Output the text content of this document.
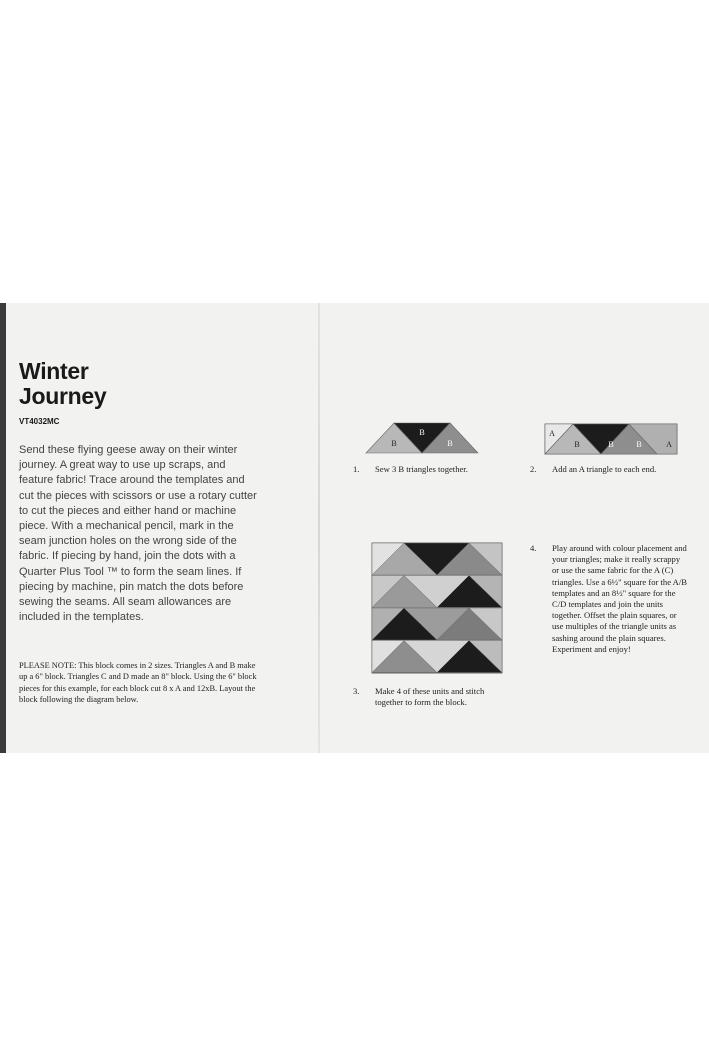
Winter
Journey
VT4032MC
Send these flying geese away on their winter journey. A great way to use up scraps, and feature fabric! Trace around the templates and cut the pieces with scissors or use a rotary cutter to cut the pieces and either hand or machine piece. With a mechanical pencil, mark in the seam junction holes on the wrong side of the fabric. If piecing by hand, join the dots with a Quarter Plus Tool ™ to form the seam lines. If piecing by machine, pin match the dots before sewing the seams. All seam allowances are included in the templates.
PLEASE NOTE: This block comes in 2 sizes. Triangles A and B make up a 6" block. Triangles C and D made an 8" block. Using the 6" block pieces for this example, for each block cut 8 x A and 12xB. Layout the block following the diagram below.
B
B
B
1. Sew 3 B triangles together.
A
B	B	B	A
2. Add an A triangle to each end.
3. Make 4 of these units and stitch together to form the block.
4. Play around with colour placement and your triangles; make it really scrappy or use the same fabric for the A (C) triangles. Use a 6½" square for the A/B templates and an 8½" square for the C/D templates and join the units together. Offset the plain squares, or use multiples of the triangle units as sashing around the plain squares. Experiment and enjoy!
